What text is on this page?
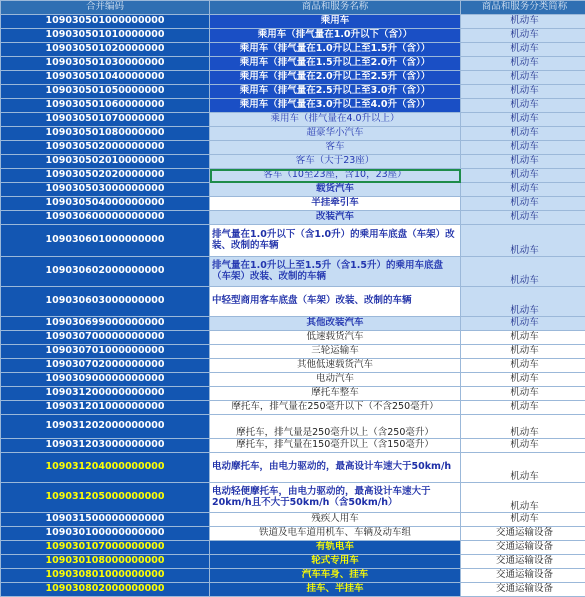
合并编码	商品和服务名称	商品和服务分类简称
109030501000000000	乘用车	机动车
109030501010000000	乘用车（排气量在1.0升以下（含））	机动车
109030501020000000	乘用车（排气量在1.0升以上至1.5升（含））	机动车
109030501030000000	乘用车（排气量在1.5升以上至2.0升（含））	机动车
109030501040000000	乘用车（排气量在2.0升以上至2.5升（含））	机动车
109030501050000000	乘用车（排气量在2.5升以上至3.0升（含））	机动车
109030501060000000	乘用车（排气量在3.0升以上至4.0升（含））	机动车
109030501070000000	乘用车（排气量在4.0升以上）	机动车
109030501080000000	超豪华小汽车	机动车
109030502000000000	客车	机动车
109030502010000000	客车（大于23座）	机动车
109030502020000000	客车（10至23座，含10，23座）	机动车
109030503000000000	载货汽车	机动车
109030504000000000	半挂牵引车	机动车
109030600000000000	改装汽车	机动车
109030601000000000	排气量在1.0升以下（含1.0升）的乘用车底盘（车架）改装、改制的车辆	机动车
109030602000000000	排气量在1.0升以上至1.5升（含1.5升）的乘用车底盘（车架）改装、改制的车辆	机动车
109030603000000000	中轻型商用客车底盘（车架）改装、改制的车辆	机动车
109030699000000000	其他改装汽车	机动车
109030700000000000	低速载货汽车	机动车
109030701000000000	三轮运输车	机动车
109030702000000000	其他低速载货汽车	机动车
109030900000000000	电动汽车	机动车
109031200000000000	摩托车整车	机动车
109031201000000000	摩托车，排气量在250毫升以下（不含250毫升）	机动车
109031202000000000	摩托车，排气量是250毫升以上（含250毫升）	机动车
109031203000000000	摩托车，排气量在150毫升以上（含150毫升）	机动车
109031204000000000	电动摩托车，由电力驱动的，最高设计车速大于50km/h	机动车
109031205000000000	电动轻便摩托车，由电力驱动的，最高设计车速大于20km/h且不大于50km/h（含50km/h）	机动车
109031500000000000	残疾人用车	机动车
109030100000000000	铁道及电车道用机车、车辆及动车组	交通运输设备
109030107000000000	有轨电车	交通运输设备
109030108000000000	轮式专用车	交通运输设备
109030801000000000	汽车车身、挂车	交通运输设备
109030802000000000	挂车、半挂车	交通运输设备
